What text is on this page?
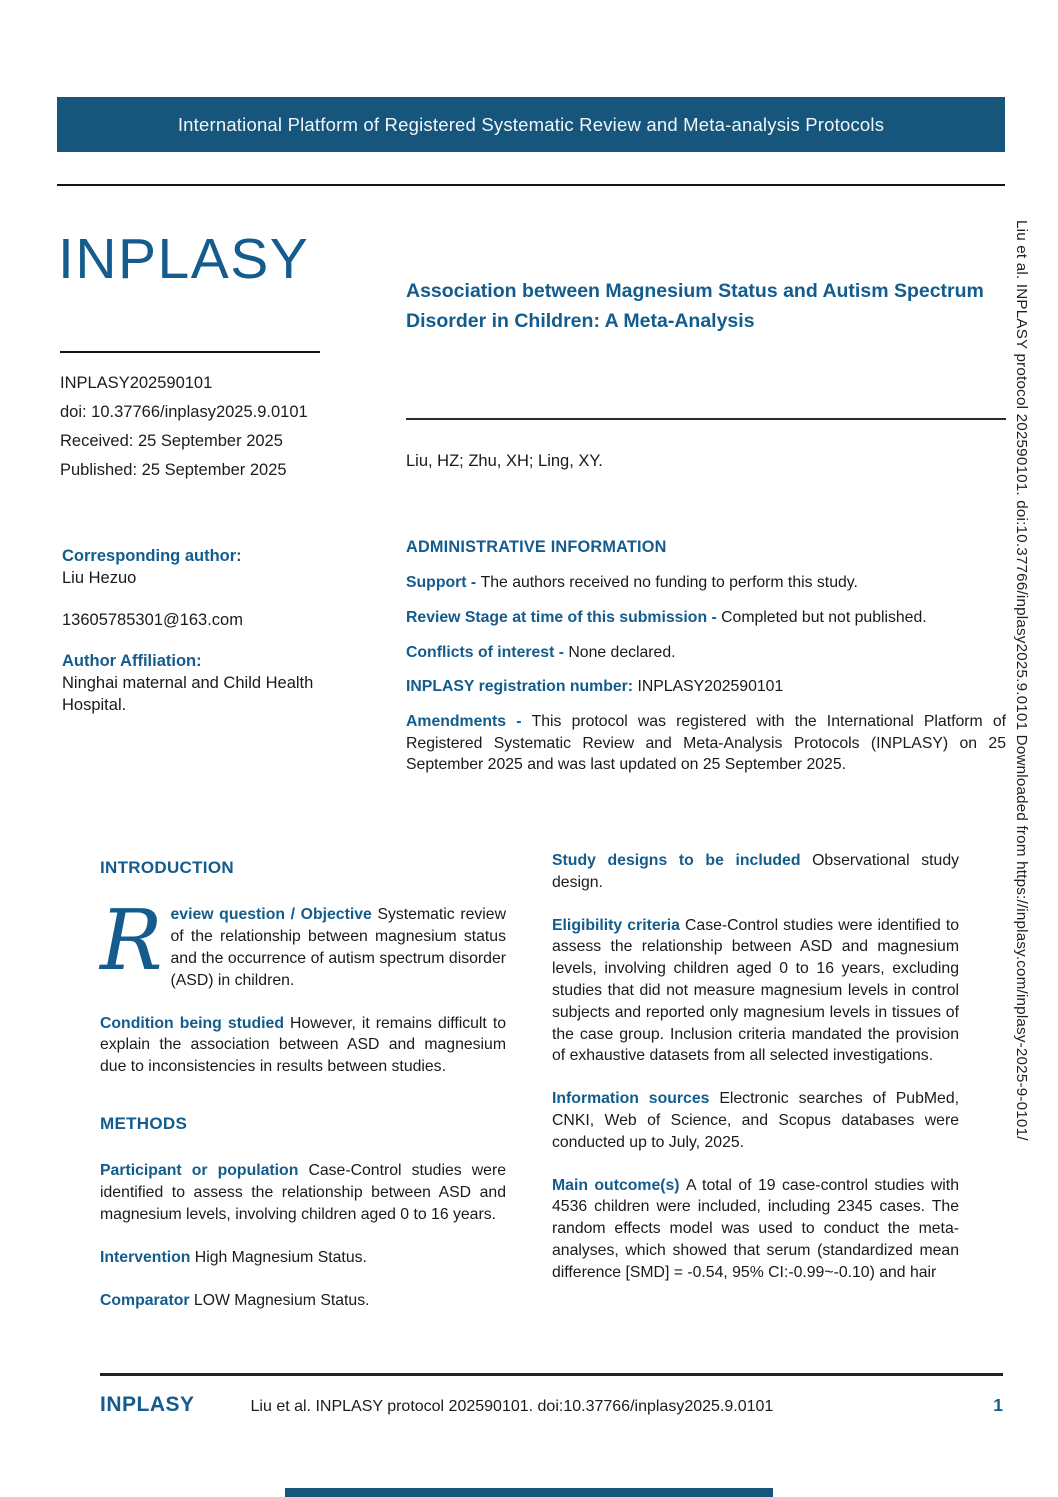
International Platform of Registered Systematic Review and Meta-analysis Protocols
INPLASY
INPLASY202590101
doi: 10.37766/inplasy2025.9.0101
Received: 25 September 2025
Published: 25 September 2025
Corresponding author:
Liu Hezuo
13605785301@163.com
Author Affiliation:
Ninghai maternal and Child Health Hospital.
Association between Magnesium Status and Autism Spectrum Disorder in Children: A Meta-Analysis
Liu, HZ; Zhu, XH; Ling, XY.
ADMINISTRATIVE INFORMATION

Support - The authors received no funding to perform this study.

Review Stage at time of this submission - Completed but not published.

Conflicts of interest - None declared.

INPLASY registration number: INPLASY202590101

Amendments - This protocol was registered with the International Platform of Registered Systematic Review and Meta-Analysis Protocols (INPLASY) on 25 September 2025 and was last updated on 25 September 2025.

INTRODUCTION

Review question / Objective Systematic review of the relationship between magnesium status and the occurrence of autism spectrum disorder (ASD) in children.

Condition being studied However, it remains difficult to explain the association between ASD and magnesium due to inconsistencies in results between studies.

METHODS

Participant or population Case-Control studies were identified to assess the relationship between ASD and magnesium levels, involving children aged 0 to 16 years.

Intervention High Magnesium Status.

Comparator LOW Magnesium Status.

Study designs to be included Observational study design.

Eligibility criteria Case-Control studies were identified to assess the relationship between ASD and magnesium levels, involving children aged 0 to 16 years, excluding studies that did not measure magnesium levels in control subjects and reported only magnesium levels in tissues of the case group. Inclusion criteria mandated the provision of exhaustive datasets from all selected investigations.

Information sources Electronic searches of PubMed, CNKI, Web of Science, and Scopus databases were conducted up to July, 2025.

Main outcome(s) A total of 19 case-control studies with 4536 children were included, including 2345 cases. The random effects model was used to conduct the meta-analyses, which showed that serum (standardized mean difference [SMD] = -0.54, 95% CI:-0.99~-0.10) and hair

INPLASY	Liu et al. INPLASY protocol 202590101. doi:10.37766/inplasy2025.9.0101	1
Liu et al. INPLASY protocol 202590101. doi:10.37766/inplasy2025.9.0101 Downloaded from https://inplasy.com/inplasy-2025-9-0101/
